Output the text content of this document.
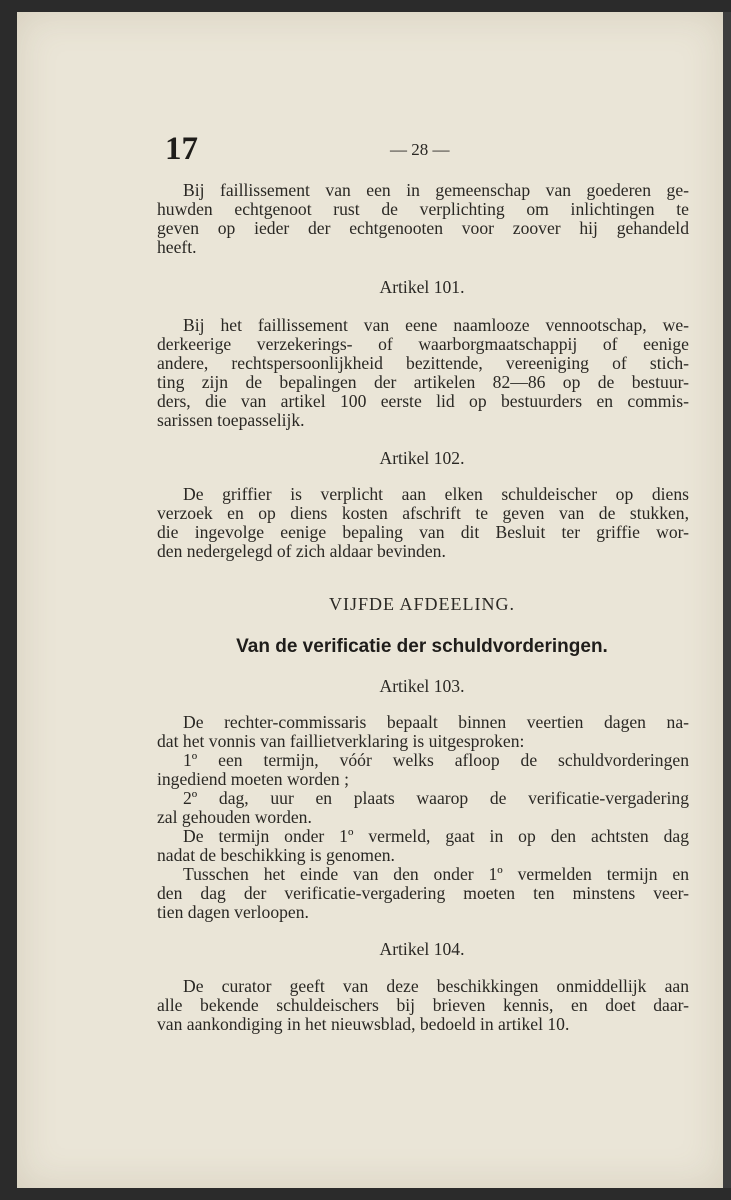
17	— 28 —
Bij faillissement van een in gemeenschap van goederen ge-
huwden echtgenoot rust de verplichting om inlichtingen te
geven op ieder der echtgenooten voor zoover hij gehandeld
heeft.
Artikel 101.
Bij het faillissement van eene naamlooze vennootschap, we-
derkeerige verzekerings- of waarborgmaatschappij of eenige
andere, rechtspersoonlijkheid bezittende, vereeniging of stich-
ting zijn de bepalingen der artikelen 82—86 op de bestuur-
ders, die van artikel 100 eerste lid op bestuurders en commis-
sarissen toepasselijk.
Artikel 102.
De griffier is verplicht aan elken schuldeischer op diens
verzoek en op diens kosten afschrift te geven van de stukken,
die ingevolge eenige bepaling van dit Besluit ter griffie wor-
den nedergelegd of zich aldaar bevinden.
VIJFDE AFDEELING.
Van de verificatie der schuldvorderingen.
Artikel 103.
De rechter-commissaris bepaalt binnen veertien dagen na-
dat het vonnis van faillietverklaring is uitgesproken:
1º een termijn, vóór welks afloop de schuldvorderingen
ingediend moeten worden ;
2º dag, uur en plaats waarop de verificatie-vergadering
zal gehouden worden.
De termijn onder 1º vermeld, gaat in op den achtsten dag
nadat de beschikking is genomen.
Tusschen het einde van den onder 1º vermelden termijn en
den dag der verificatie-vergadering moeten ten minstens veer-
tien dagen verloopen.
Artikel 104.
De curator geeft van deze beschikkingen onmiddellijk aan
alle bekende schuldeischers bij brieven kennis, en doet daar-
van aankondiging in het nieuwsblad, bedoeld in artikel 10.
